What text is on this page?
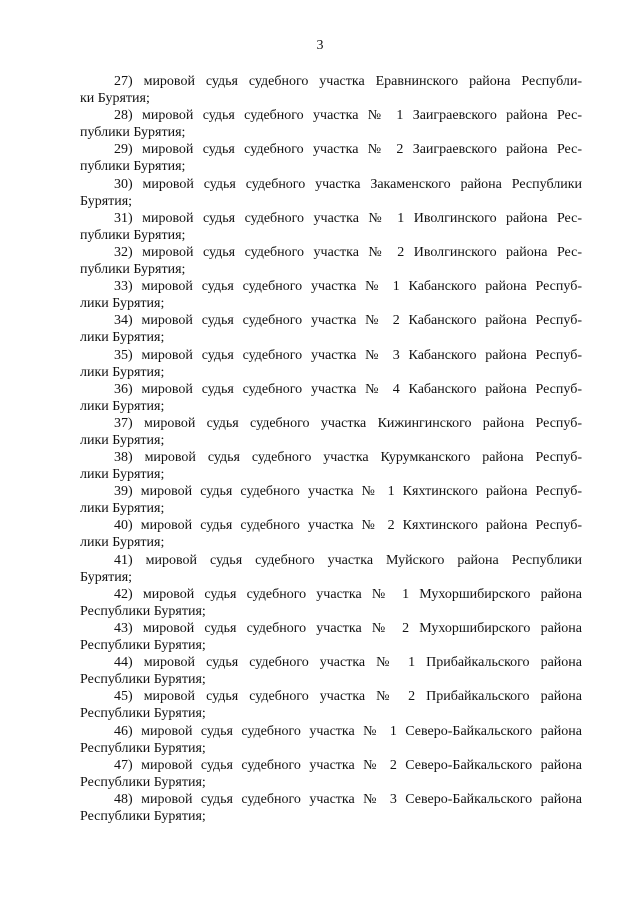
3
27) мировой судья судебного участка Еравнинского района Республи-
ки Бурятия;
28) мировой судья судебного участка № 1 Заиграевского района Рес-
публики Бурятия;
29) мировой судья судебного участка № 2 Заиграевского района Рес-
публики Бурятия;
30) мировой судья судебного участка Закаменского района Республики
Бурятия;
31) мировой судья судебного участка № 1 Иволгинского района Рес-
публики Бурятия;
32) мировой судья судебного участка № 2 Иволгинского района Рес-
публики Бурятия;
33) мировой судья судебного участка № 1 Кабанского района Респуб-
лики Бурятия;
34) мировой судья судебного участка № 2 Кабанского района Респуб-
лики Бурятия;
35) мировой судья судебного участка № 3 Кабанского района Респуб-
лики Бурятия;
36) мировой судья судебного участка № 4 Кабанского района Респуб-
лики Бурятия;
37) мировой судья судебного участка Кижингинского района Респуб-
лики Бурятия;
38) мировой судья судебного участка Курумканского района Респуб-
лики Бурятия;
39) мировой судья судебного участка № 1 Кяхтинского района Респуб-
лики Бурятия;
40) мировой судья судебного участка № 2 Кяхтинского района Респуб-
лики Бурятия;
41) мировой судья судебного участка Муйского района Республики
Бурятия;
42) мировой судья судебного участка № 1 Мухоршибирского района
Республики Бурятия;
43) мировой судья судебного участка № 2 Мухоршибирского района
Республики Бурятия;
44) мировой судья судебного участка № 1 Прибайкальского района
Республики Бурятия;
45) мировой судья судебного участка № 2 Прибайкальского района
Республики Бурятия;
46) мировой судья судебного участка № 1 Северо-Байкальского района
Республики Бурятия;
47) мировой судья судебного участка № 2 Северо-Байкальского района
Республики Бурятия;
48) мировой судья судебного участка № 3 Северо-Байкальского района
Республики Бурятия;
